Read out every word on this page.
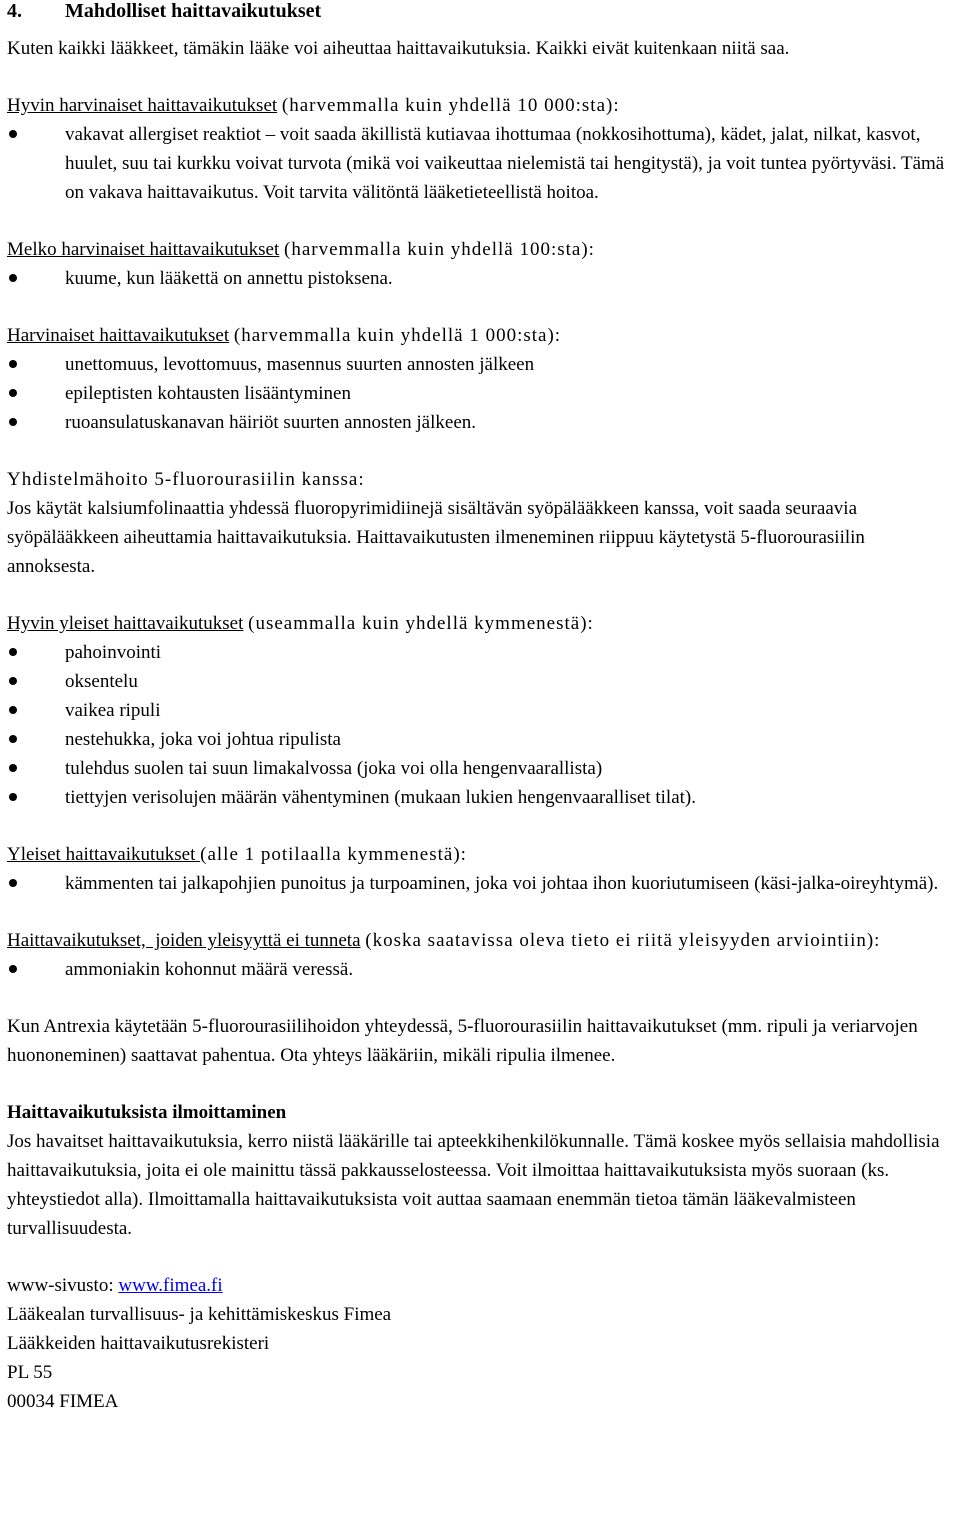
4.	Mahdolliset haittavaikutukset

Kuten kaikki lääkkeet, tämäkin lääke voi aiheuttaa haittavaikutuksia. Kaikki eivät kuitenkaan niitä saa.

Hyvin harvinaiset haittavaikutukset (harvemmalla kuin yhdellä 10 000:sta):

vakavat allergiset reaktiot – voit saada äkillistä kutiavaa ihottumaa (nokkosihottuma), kädet, jalat, nilkat, kasvot, huulet, suu tai kurkku voivat turvota (mikä voi vaikeuttaa nielemistä tai hengitystä), ja voit tuntea pyörtyväsi. Tämä on vakava haittavaikutus. Voit tarvita välitöntä lääketieteellistä hoitoa.

Melko harvinaiset haittavaikutukset (harvemmalla kuin yhdellä 100:sta):

kuume, kun lääkettä on annettu pistoksena.

Harvinaiset haittavaikutukset (harvemmalla kuin yhdellä 1 000:sta):

unettomuus, levottomuus, masennus suurten annosten jälkeen
epileptisten kohtausten lisääntyminen
ruoansulatuskanavan häiriöt suurten annosten jälkeen.

Yhdistelmähoito 5-fluorourasiilin kanssa:

Jos käytät kalsiumfolinaattia yhdessä fluoropyrimidiinejä sisältävän syöpälääkkeen kanssa, voit saada seuraavia syöpälääkkeen aiheuttamia haittavaikutuksia. Haittavaikutusten ilmeneminen riippuu käytetystä 5-fluorourasiilin annoksesta.

Hyvin yleiset haittavaikutukset (useammalla kuin yhdellä kymmenestä):

pahoinvointi
oksentelu
vaikea ripuli
nestehukka, joka voi johtua ripulista
tulehdus suolen tai suun limakalvossa (joka voi olla hengenvaarallista)
tiettyjen verisolujen määrän vähentyminen (mukaan lukien hengenvaaralliset tilat).

Yleiset haittavaikutukset (alle 1 potilaalla kymmenestä):

kämmenten tai jalkapohjien punoitus ja turpoaminen, joka voi johtaa ihon kuoriutumiseen (käsi-jalka-oireyhtymä).

Haittavaikutukset,  joiden yleisyyttä ei tunneta (koska saatavissa oleva tieto ei riitä yleisyyden arviointiin):

ammoniakin kohonnut määrä veressä.

Kun Antrexia käytetään 5-fluorourasiilihoidon yhteydessä, 5-fluorourasiilin haittavaikutukset (mm. ripuli ja veriarvojen huononeminen) saattavat pahentua. Ota yhteys lääkäriin, mikäli ripulia ilmenee.

Haittavaikutuksista ilmoittaminen

Jos havaitset haittavaikutuksia, kerro niistä lääkärille tai apteekkihenkilökunnalle. Tämä koskee myös sellaisia mahdollisia haittavaikutuksia, joita ei ole mainittu tässä pakkausselosteessa. Voit ilmoittaa haittavaikutuksista myös suoraan (ks. yhteystiedot alla). Ilmoittamalla haittavaikutuksista voit auttaa saamaan enemmän tietoa tämän lääkevalmisteen turvallisuudesta.

www-sivusto: www.fimea.fi

Lääkealan turvallisuus- ja kehittämiskeskus Fimea

Lääkkeiden haittavaikutusrekisteri

PL 55

00034 FIMEA
